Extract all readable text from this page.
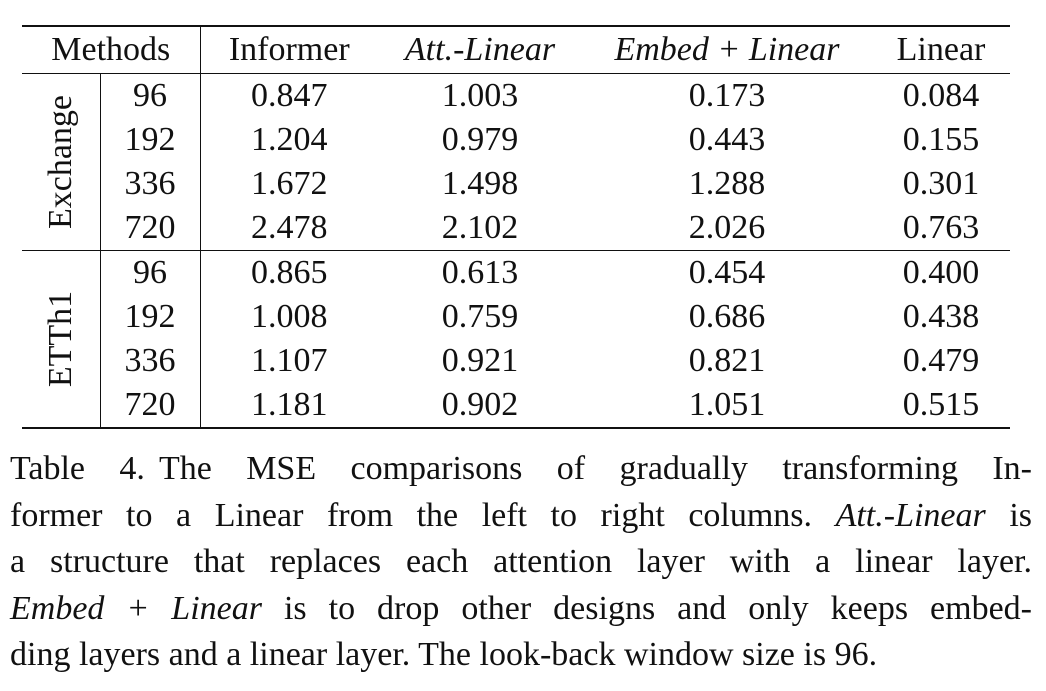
Methods		Informer	Att.-Linear	Embed + Linear	Linear

Exchange	96	0.847	1.003	0.173	0.084
	192	1.204	0.979	0.443	0.155
	336	1.672	1.498	1.288	0.301
	720	2.478	2.102	2.026	0.763

ETTh1	96	0.865	0.613	0.454	0.400
	192	1.008	0.759	0.686	0.438
	336	1.107	0.921	0.821	0.479
	720	1.181	0.902	1.051	0.515
Table 4. The MSE comparisons of gradually transforming In-
former to a Linear from the left to right columns. Att.-Linear is
a structure that replaces each attention layer with a linear layer.
Embed + Linear is to drop other designs and only keeps embed-
ding layers and a linear layer. The look-back window size is 96.
